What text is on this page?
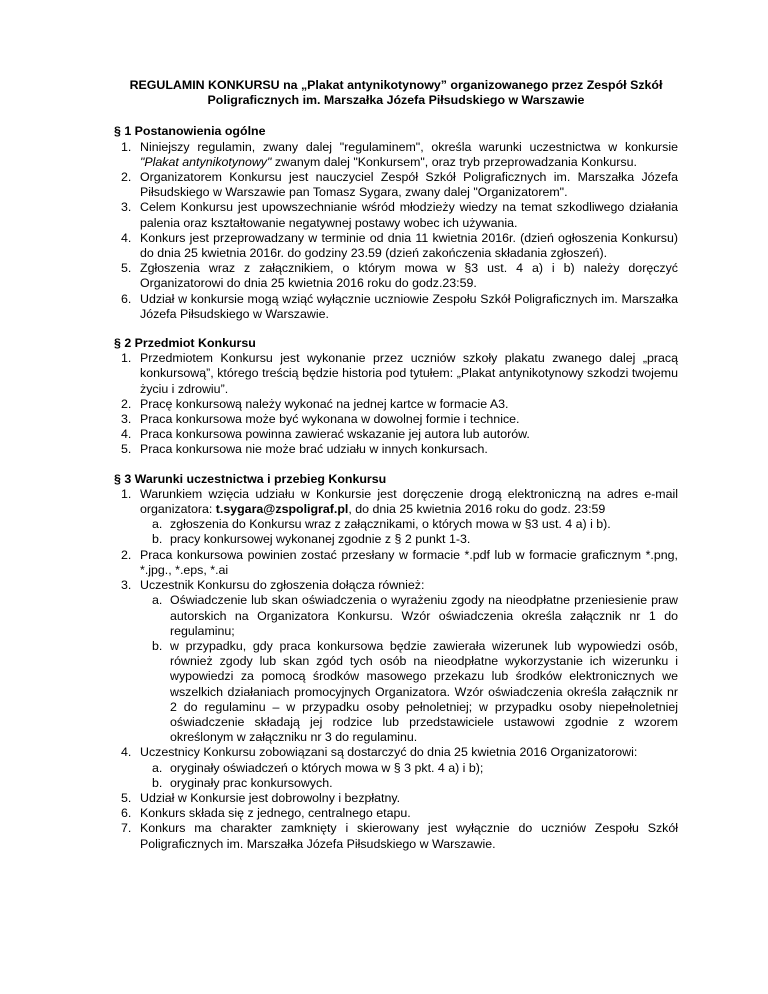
REGULAMIN KONKURSU na „Plakat antynikotynowy” organizowanego przez Zespół Szkół
Poligraficznych im. Marszałka Józefa Piłsudskiego w Warszawie
§ 1 Postanowienia ogólne
1. Niniejszy regulamin, zwany dalej "regulaminem", określa warunki uczestnictwa w konkursie "Plakat antynikotynowy" zwanym dalej "Konkursem", oraz tryb przeprowadzania Konkursu.
2. Organizatorem Konkursu jest nauczyciel Zespół Szkół Poligraficznych im. Marszałka Józefa Piłsudskiego w Warszawie pan Tomasz Sygara, zwany dalej "Organizatorem".
3. Celem Konkursu jest upowszechnianie wśród młodzieży wiedzy na temat szkodliwego działania palenia oraz kształtowanie negatywnej postawy wobec ich używania.
4. Konkurs jest przeprowadzany w terminie od dnia 11 kwietnia 2016r. (dzień ogłoszenia Konkursu) do dnia 25 kwietnia 2016r. do godziny 23.59 (dzień zakończenia składania zgłoszeń).
5. Zgłoszenia wraz z załącznikiem, o którym mowa w §3 ust. 4 a) i b) należy doręczyć Organizatorowi do dnia 25 kwietnia 2016 roku do godz.23:59.
6. Udział w konkursie mogą wziąć wyłącznie uczniowie Zespołu Szkół Poligraficznych im. Marszałka Józefa Piłsudskiego w Warszawie.
§ 2 Przedmiot Konkursu
1. Przedmiotem Konkursu jest wykonanie przez uczniów szkoły plakatu zwanego dalej „pracą konkursową”, którego treścią będzie historia pod tytułem: „Plakat antynikotynowy szkodzi twojemu życiu i zdrowiu”.
2. Pracę konkursową należy wykonać na jednej kartce w formacie A3.
3. Praca konkursowa może być wykonana w dowolnej formie i technice.
4. Praca konkursowa powinna zawierać wskazanie jej autora lub autorów.
5. Praca konkursowa nie może brać udziału w innych konkursach.
§ 3 Warunki uczestnictwa i przebieg Konkursu
1. Warunkiem wzięcia udziału w Konkursie jest doręczenie drogą elektroniczną na adres e-mail organizatora: t.sygara@zspoligraf.pl, do dnia 25 kwietnia 2016 roku do godz. 23:59
a. zgłoszenia do Konkursu wraz z załącznikami, o których mowa w §3 ust. 4 a) i b).
b. pracy konkursowej wykonanej zgodnie z § 2 punkt 1-3.
2. Praca konkursowa powinien zostać przesłany w formacie *.pdf lub w formacie graficznym *.png, *.jpg., *.eps, *.ai
3. Uczestnik Konkursu do zgłoszenia dołącza również:
a. Oświadczenie lub skan oświadczenia o wyrażeniu zgody na nieodpłatne przeniesienie praw autorskich na Organizatora Konkursu. Wzór oświadczenia określa załącznik nr 1 do regulaminu;
b. w przypadku, gdy praca konkursowa będzie zawierała wizerunek lub wypowiedzi osób, również zgody lub skan zgód tych osób na nieodpłatne wykorzystanie ich wizerunku i wypowiedzi za pomocą środków masowego przekazu lub środków elektronicznych we wszelkich działaniach promocyjnych Organizatora. Wzór oświadczenia określa załącznik nr 2 do regulaminu – w przypadku osoby pełnoletniej; w przypadku osoby niepełnoletniej oświadczenie składają jej rodzice lub przedstawiciele ustawowi zgodnie z wzorem określonym w załączniku nr 3 do regulaminu.
4. Uczestnicy Konkursu zobowiązani są dostarczyć do dnia 25 kwietnia 2016 Organizatorowi:
a. oryginały oświadczeń o których mowa w § 3 pkt. 4 a) i b);
b. oryginały prac konkursowych.
5. Udział w Konkursie jest dobrowolny i bezpłatny.
6. Konkurs składa się z jednego, centralnego etapu.
7. Konkurs ma charakter zamknięty i skierowany jest wyłącznie do uczniów Zespołu Szkół Poligraficznych im. Marszałka Józefa Piłsudskiego w Warszawie.
